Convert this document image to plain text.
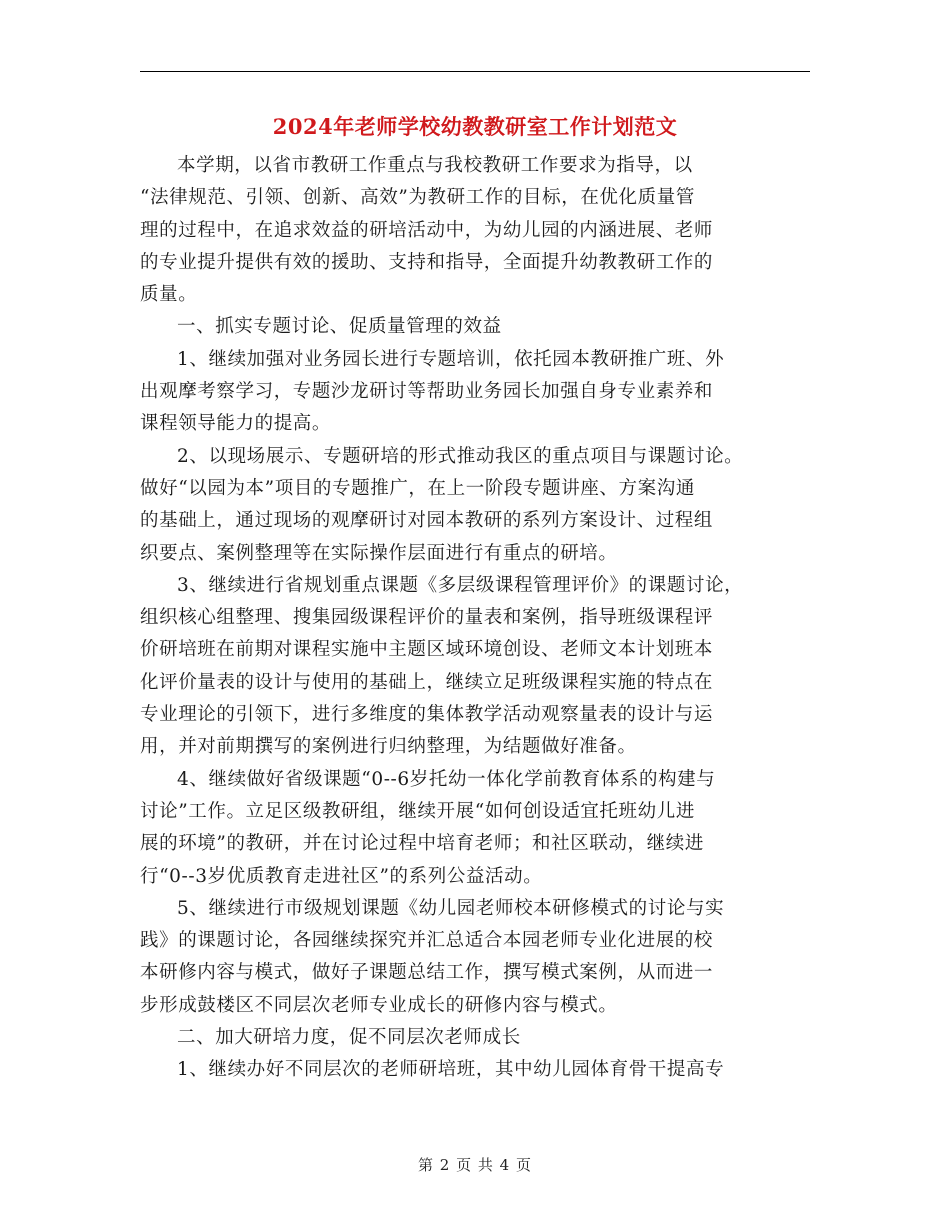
2024年老师学校幼教教研室工作计划范文

本学期，以省市教研工作重点与我校教研工作要求为指导，以
“法律规范、引领、创新、高效”为教研工作的目标，在优化质量管
理的过程中，在追求效益的研培活动中，为幼儿园的内涵进展、老师
的专业提升提供有效的援助、支持和指导，全面提升幼教教研工作的
质量。

一、抓实专题讨论、促质量管理的效益

1、继续加强对业务园长进行专题培训，依托园本教研推广班、外
出观摩考察学习，专题沙龙研讨等帮助业务园长加强自身专业素养和
课程领导能力的提高。

2、以现场展示、专题研培的形式推动我区的重点项目与课题讨论。
做好“以园为本”项目的专题推广，在上一阶段专题讲座、方案沟通
的基础上，通过现场的观摩研讨对园本教研的系列方案设计、过程组
织要点、案例整理等在实际操作层面进行有重点的研培。

3、继续进行省规划重点课题《多层级课程管理评价》的课题讨论，
组织核心组整理、搜集园级课程评价的量表和案例，指导班级课程评
价研培班在前期对课程实施中主题区域环境创设、老师文本计划班本
化评价量表的设计与使用的基础上，继续立足班级课程实施的特点在
专业理论的引领下，进行多维度的集体教学活动观察量表的设计与运
用，并对前期撰写的案例进行归纳整理，为结题做好准备。

4、继续做好省级课题“0--6岁托幼一体化学前教育体系的构建与
讨论”工作。立足区级教研组，继续开展“如何创设适宜托班幼儿进
展的环境”的教研，并在讨论过程中培育老师；和社区联动，继续进
行“0--3岁优质教育走进社区”的系列公益活动。

5、继续进行市级规划课题《幼儿园老师校本研修模式的讨论与实
践》的课题讨论，各园继续探究并汇总适合本园老师专业化进展的校
本研修内容与模式，做好子课题总结工作，撰写模式案例，从而进一
步形成鼓楼区不同层次老师专业成长的研修内容与模式。

二、加大研培力度，促不同层次老师成长

1、继续办好不同层次的老师研培班，其中幼儿园体育骨干提高专

第 2 页 共 4 页
